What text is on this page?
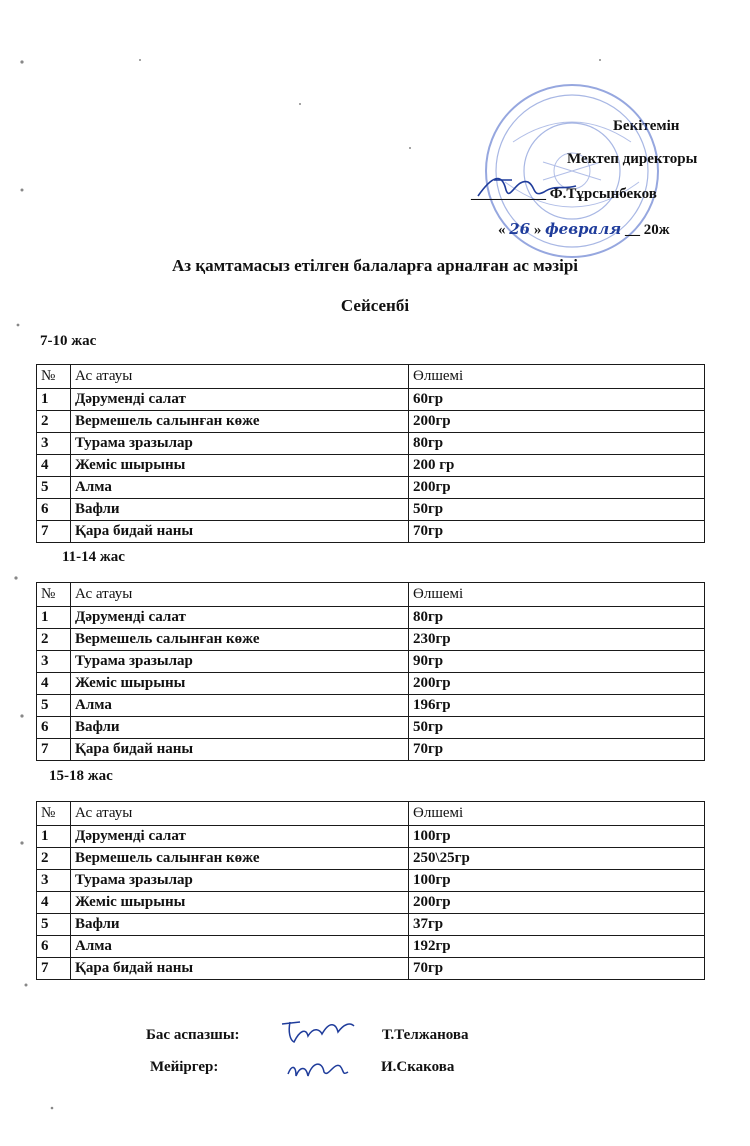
Бекітемін
Мектеп директоры
__________ Ф.Тұрсынбеков
« 26 » февраля __ 20ж
Аз қамтамасыз етілген балаларға арналған ас мәзірі
Сейсенбі
7-10 жас
№	Ас атауы	Өлшемі
1	Дәруменді салат	60гр
2	Вермешель салынған көже	200гр
3	Турама зразылар	80гр
4	Жеміс шырыны	200 гр
5	Алма	200гр
6	Вафли	50гр
7	Қара бидай наны	70гр
11-14 жас
№	Ас атауы	Өлшемі
1	Дәруменді салат	80гр
2	Вермешель салынған көже	230гр
3	Турама зразылар	90гр
4	Жеміс шырыны	200гр
5	Алма	196гр
6	Вафли	50гр
7	Қара бидай наны	70гр
15-18 жас
№	Ас атауы	Өлшемі
1	Дәруменді салат	100гр
2	Вермешель салынған көже	250\25гр
3	Турама зразылар	100гр
4	Жеміс шырыны	200гр
5	Вафли	37гр
6	Алма	192гр
7	Қара бидай наны	70гр
Бас аспазшы:	Т.Телжанова
Мейіргер:	И.Скакова
